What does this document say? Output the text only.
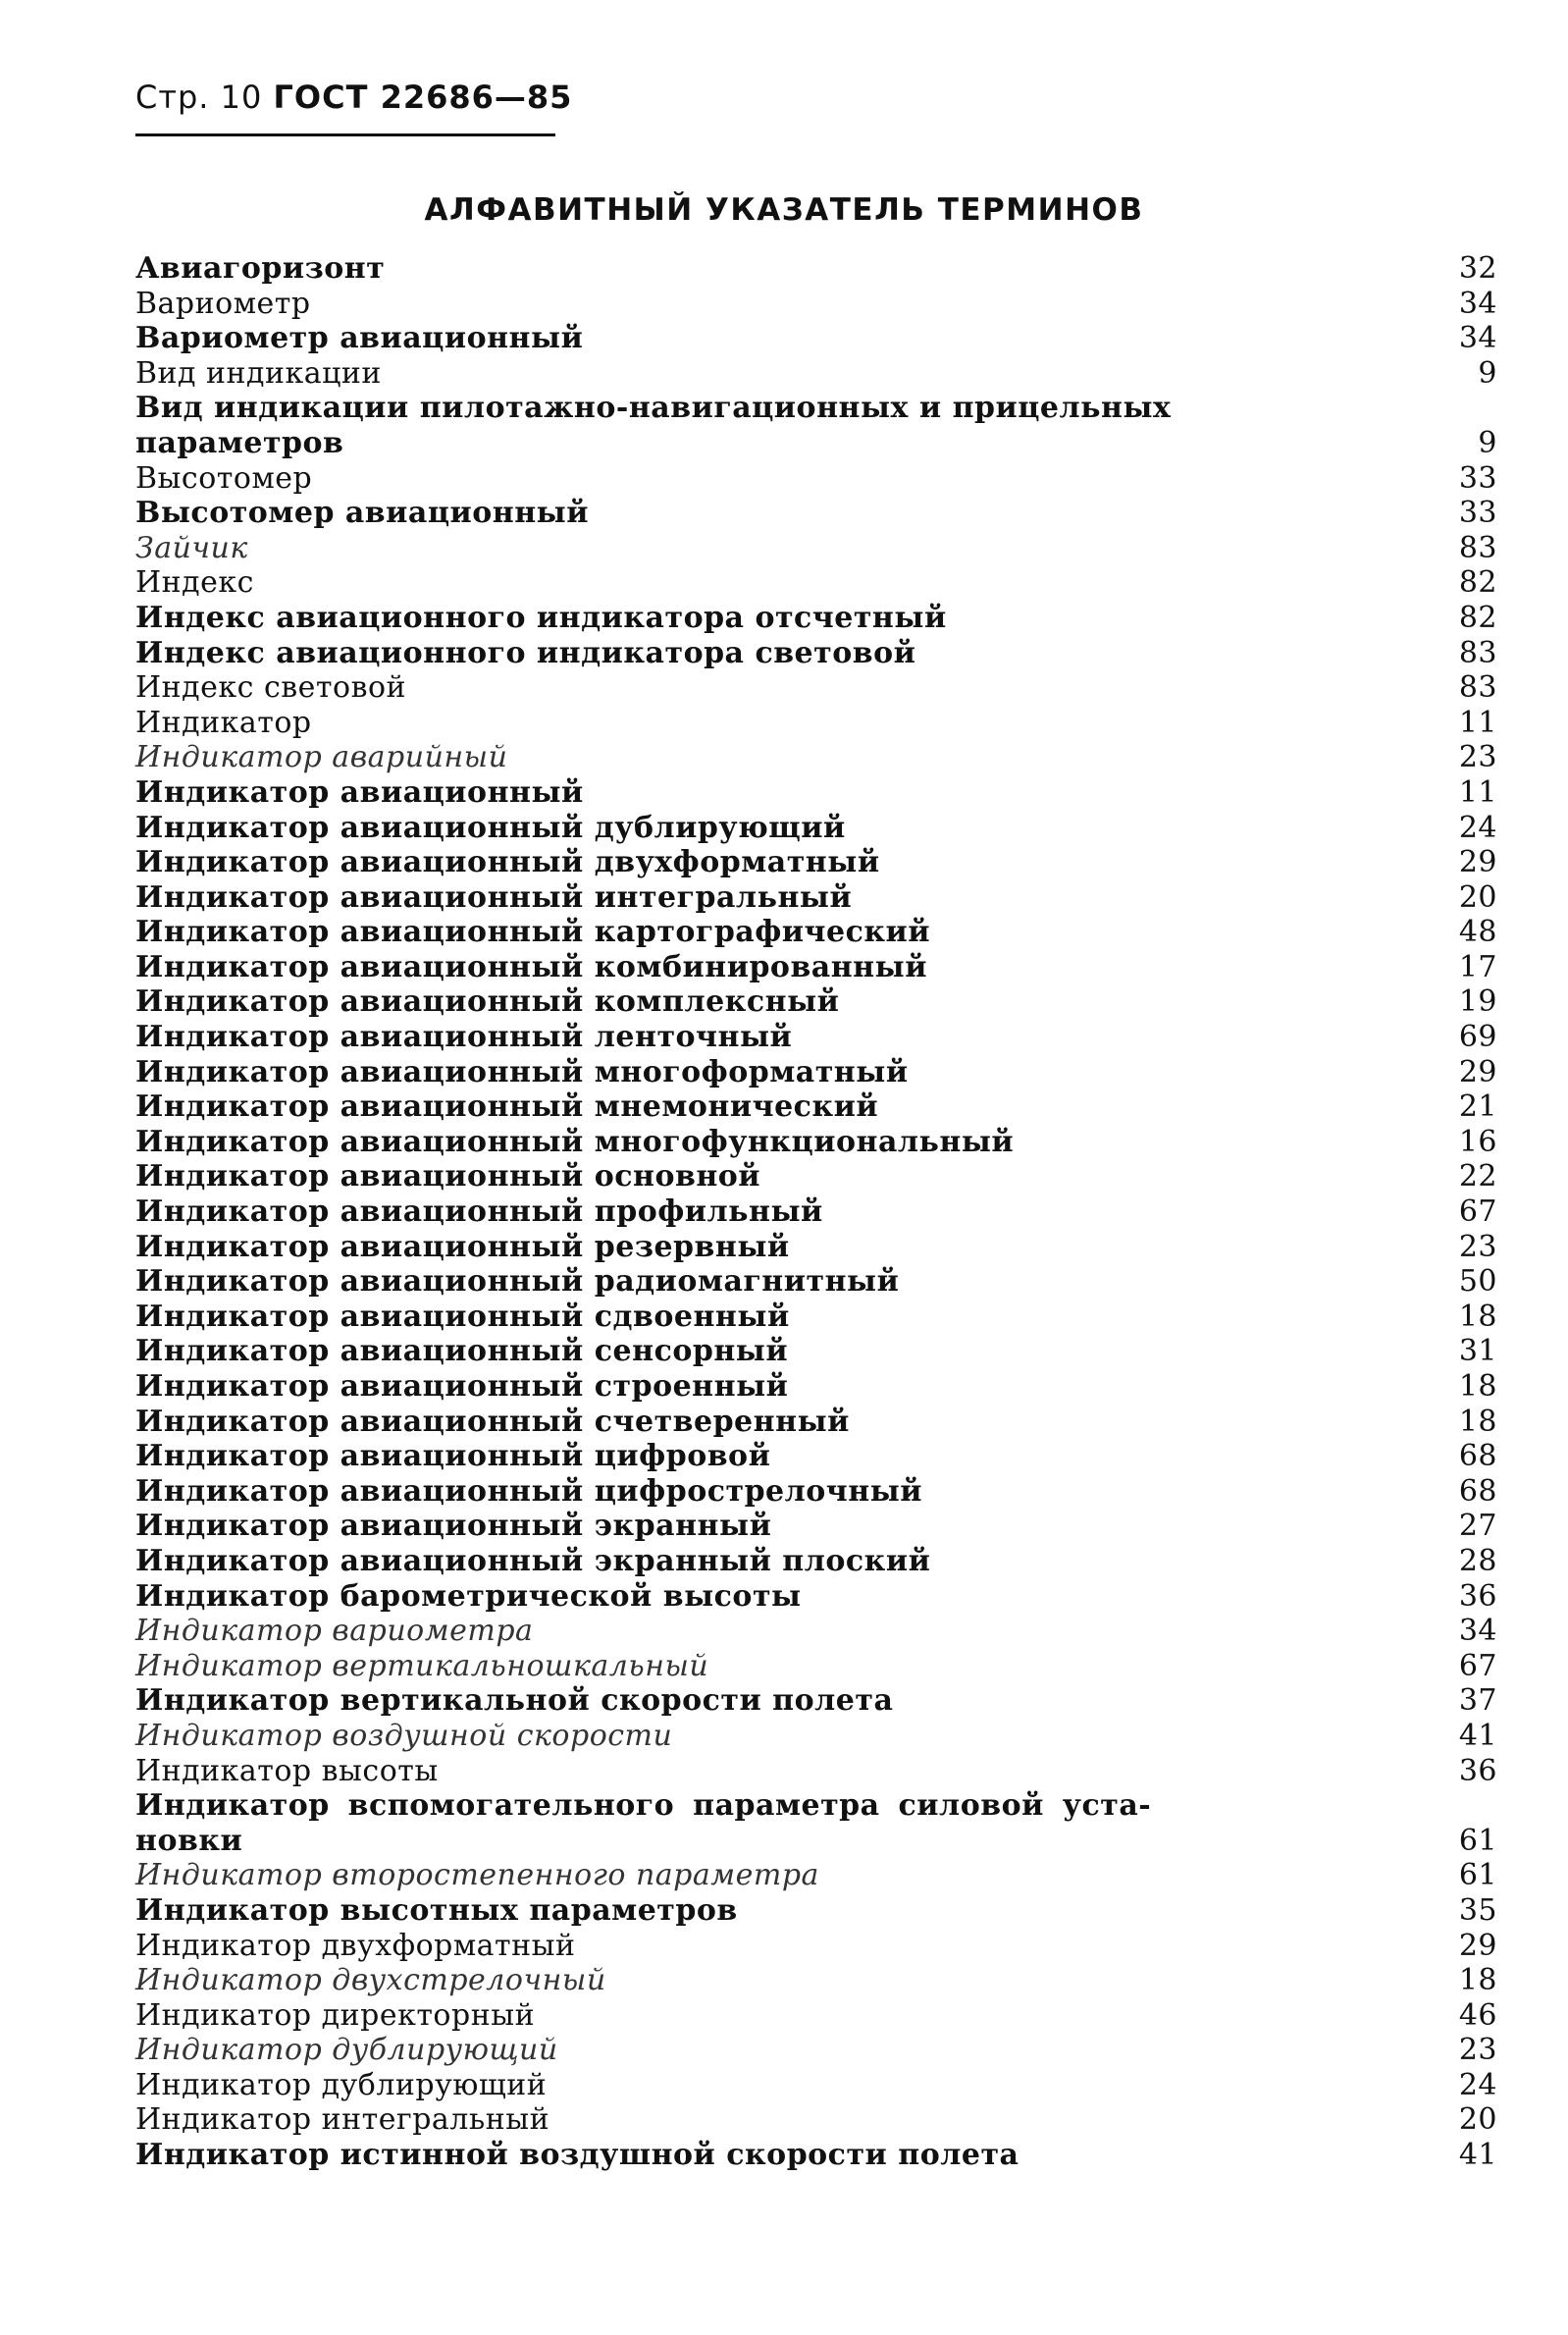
Стр. 10 ГОСТ 22686—85
АЛФАВИТНЫЙ УКАЗАТЕЛЬ ТЕРМИНОВ
Авиагоризонт	32
Вариометр	34
Вариометр авиационный	34
Вид индикации	9
Вид индикации пилотажно-навигационных и прицельных
параметров	9
Высотомер	33
Высотомер авиационный	33
Зайчик	83
Индекс	82
Индекс авиационного индикатора отсчетный	82
Индекс авиационного индикатора световой	83
Индекс световой	83
Индикатор	11
Индикатор аварийный	23
Индикатор авиационный	11
Индикатор авиационный дублирующий	24
Индикатор авиационный двухформатный	29
Индикатор авиационный интегральный	20
Индикатор авиационный картографический	48
Индикатор авиационный комбинированный	17
Индикатор авиационный комплексный	19
Индикатор авиационный ленточный	69
Индикатор авиационный многоформатный	29
Индикатор авиационный мнемонический	21
Индикатор авиационный многофункциональный	16
Индикатор авиационный основной	22
Индикатор авиационный профильный	67
Индикатор авиационный резервный	23
Индикатор авиационный радиомагнитный	50
Индикатор авиационный сдвоенный	18
Индикатор авиационный сенсорный	31
Индикатор авиационный строенный	18
Индикатор авиационный счетверенный	18
Индикатор авиационный цифровой	68
Индикатор авиационный цифрострелочный	68
Индикатор авиационный экранный	27
Индикатор авиационный экранный плоский	28
Индикатор барометрической высоты	36
Индикатор вариометра	34
Индикатор вертикальношкальный	67
Индикатор вертикальной скорости полета	37
Индикатор воздушной скорости	41
Индикатор высоты	36
Индикатор вспомогательного параметра силовой уста-
новки	61
Индикатор второстепенного параметра	61
Индикатор высотных параметров	35
Индикатор двухформатный	29
Индикатор двухстрелочный	18
Индикатор директорный	46
Индикатор дублирующий	23
Индикатор дублирующий	24
Индикатор интегральный	20
Индикатор истинной воздушной скорости полета	41
